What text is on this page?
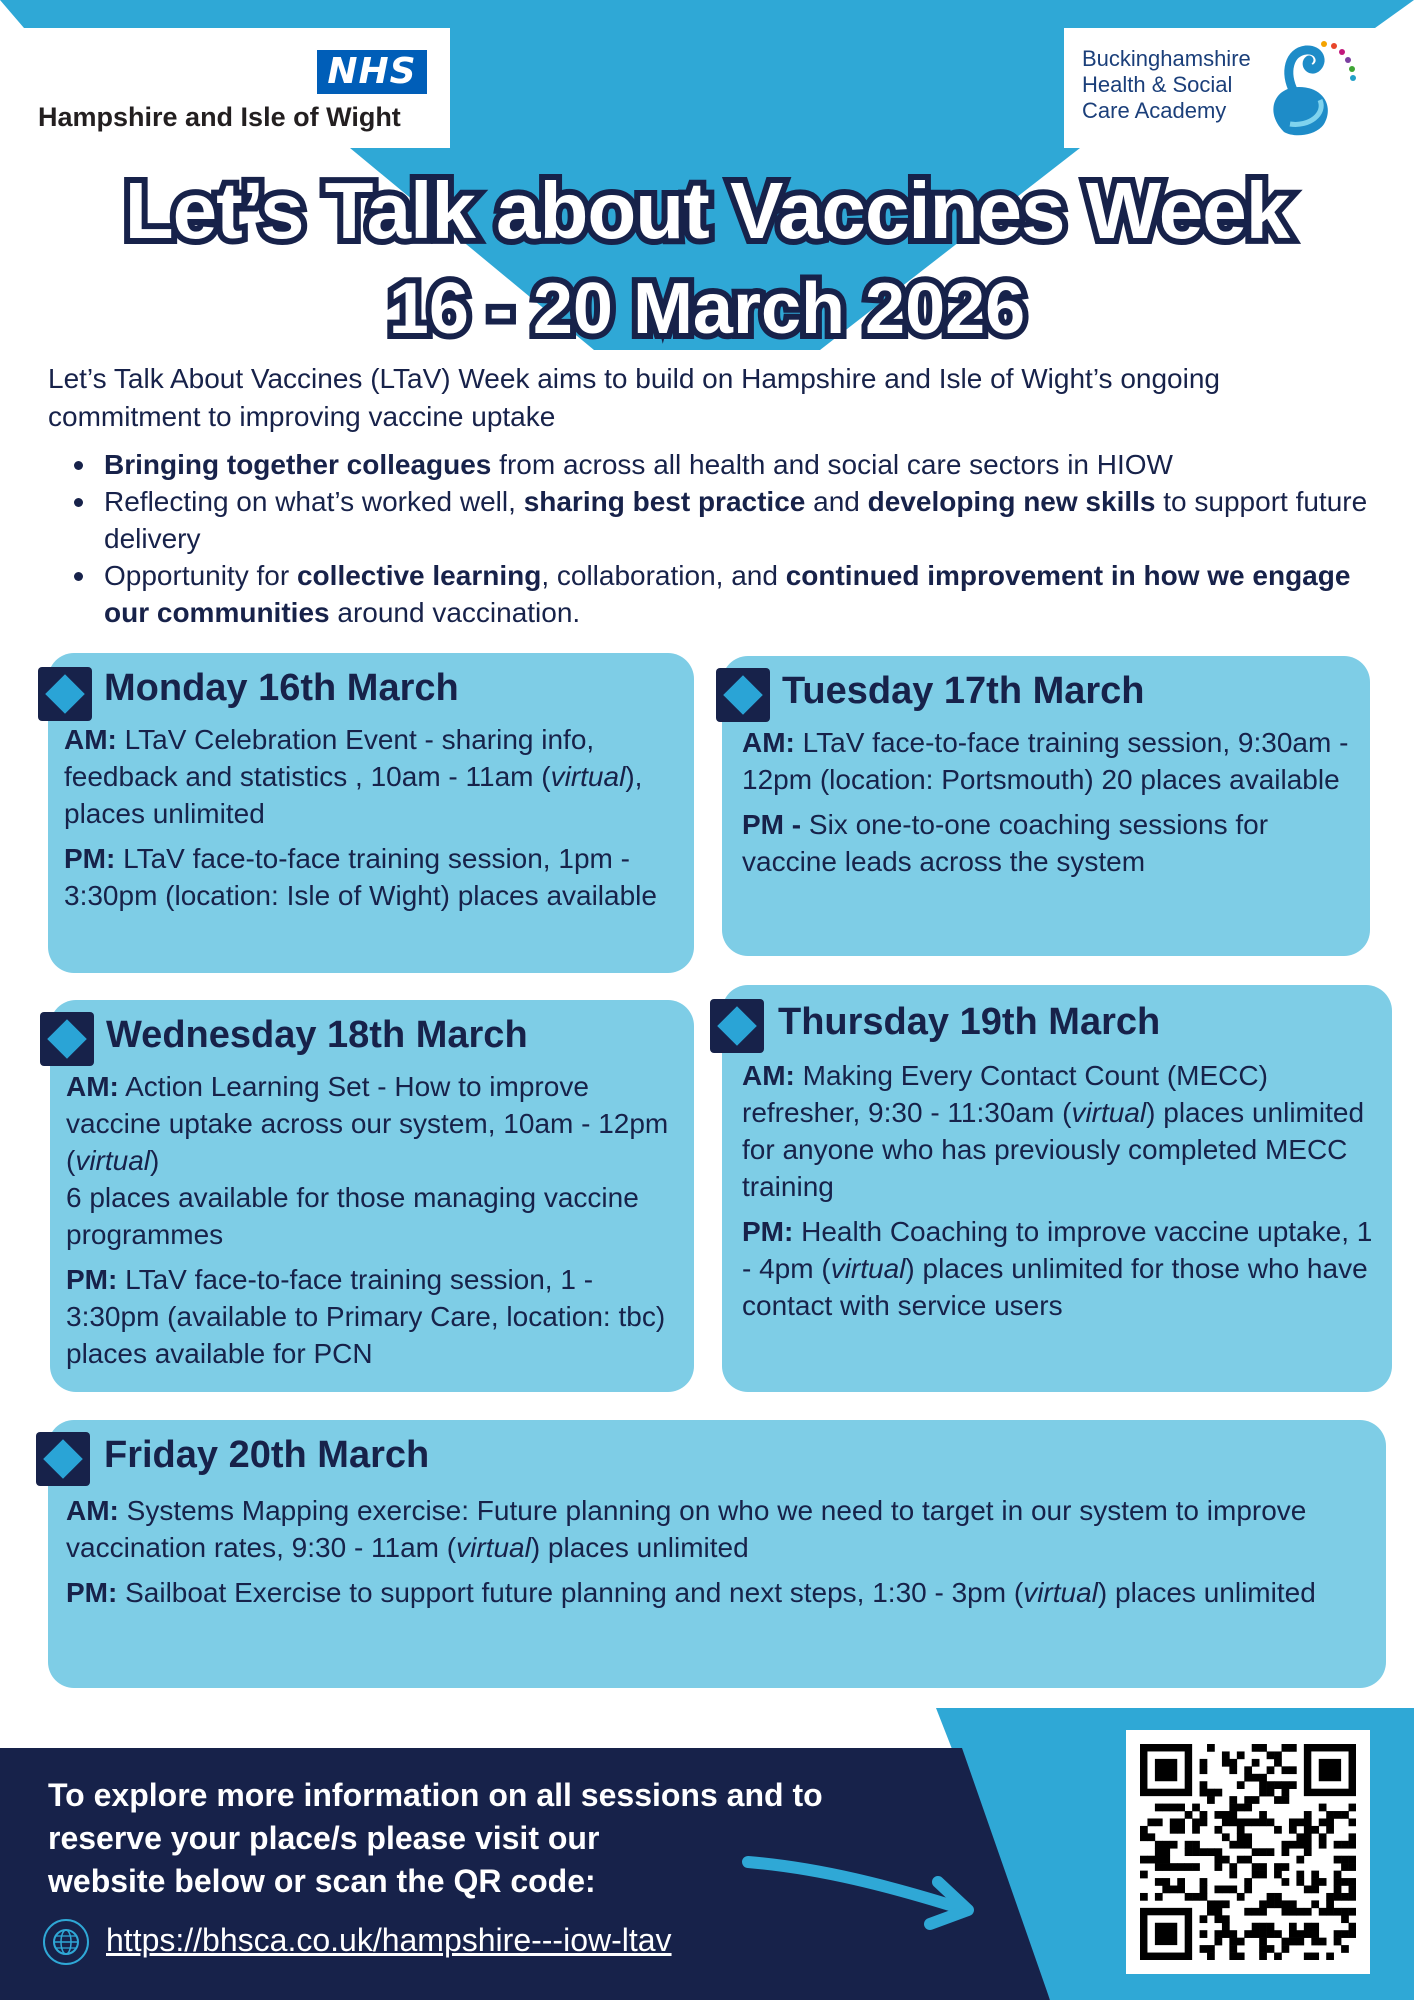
NHS
Hampshire and Isle of Wight
Buckinghamshire
Health & Social
Care Academy
Let’s Talk about Vaccines Week
16 - 20 March 2026
Let’s Talk About Vaccines (LTaV) Week aims to build on Hampshire and Isle of Wight’s ongoing commitment to improving vaccine uptake
Bringing together colleagues from across all health and social care sectors in HIOW
Reflecting on what’s worked well, sharing best practice and developing new skills to support future delivery
Opportunity for collective learning, collaboration, and continued improvement in how we engage our communities around vaccination.
Monday 16th March

AM: LTaV Celebration Event - sharing info, feedback and statistics , 10am - 11am (virtual), places unlimited

PM: LTaV face-to-face training session, 1pm - 3:30pm (location: Isle of Wight) places available

Tuesday 17th March

AM: LTaV face-to-face training session, 9:30am - 12pm (location: Portsmouth) 20 places available

PM - Six one-to-one coaching sessions for vaccine leads across the system

Wednesday 18th March

AM: Action Learning Set - How to improve vaccine uptake across our system, 10am - 12pm (virtual)

6 places available for those managing vaccine programmes

PM: LTaV face-to-face training session, 1 - 3:30pm (available to Primary Care, location: tbc) places available for PCN

Thursday 19th March

AM: Making Every Contact Count (MECC) refresher, 9:30 - 11:30am (virtual) places unlimited for anyone who has previously completed MECC training

PM: Health Coaching to improve vaccine uptake, 1 - 4pm (virtual) places unlimited for those who have contact with service users

Friday 20th March

AM: Systems Mapping exercise: Future planning on who we need to target in our system to improve vaccination rates, 9:30 - 11am (virtual) places unlimited

PM: Sailboat Exercise to support future planning and next steps, 1:30 - 3pm (virtual) places unlimited

To explore more information on all sessions and to
reserve your place/s please visit our
website below or scan the QR code:
https://bhsca.co.uk/hampshire---iow-ltav
